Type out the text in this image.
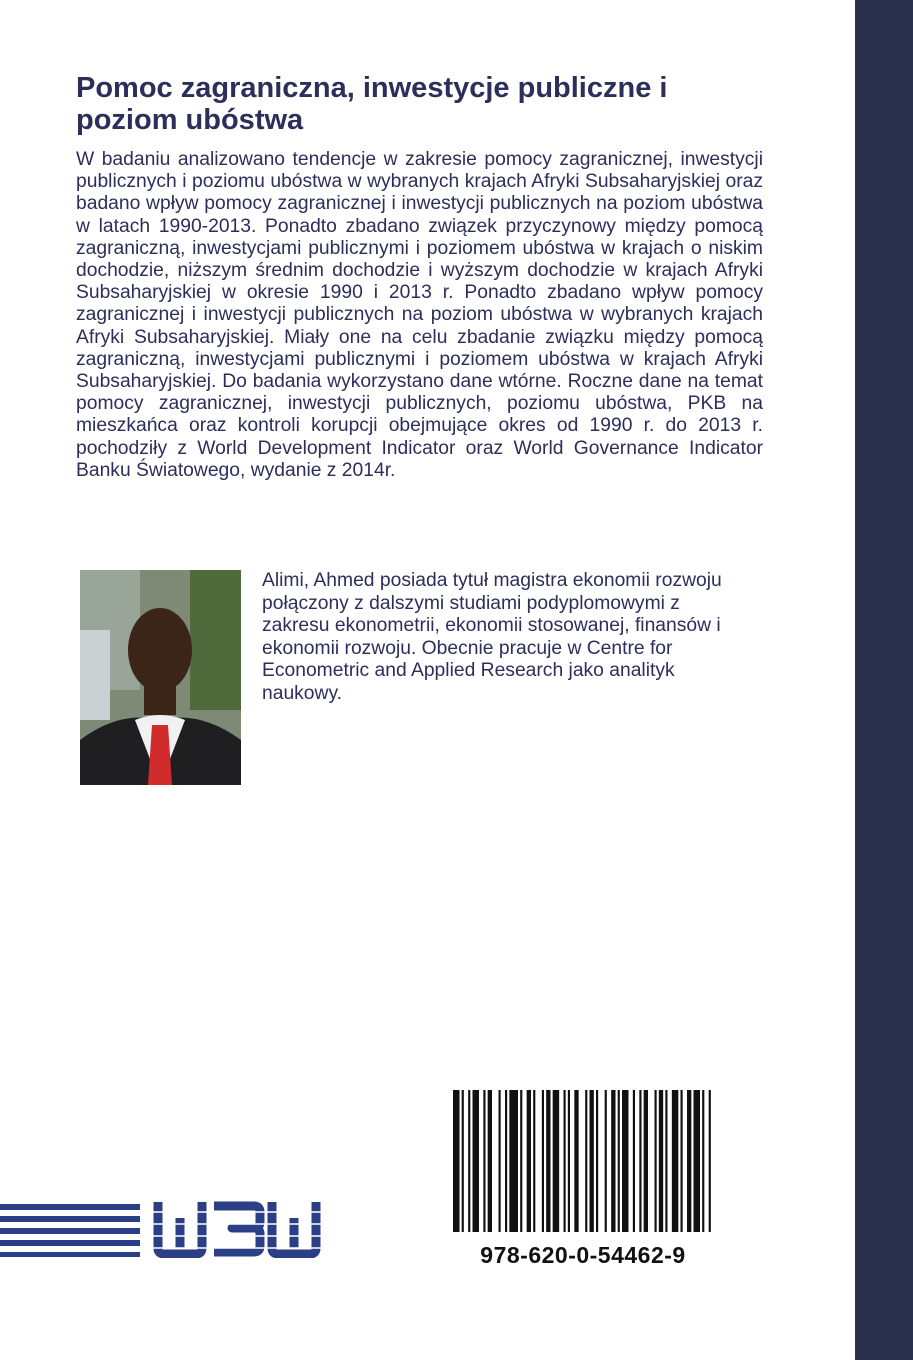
Pomoc zagraniczna, inwestycje publiczne i poziom ubóstwa

W badaniu analizowano tendencje w zakresie pomocy zagranicznej, inwestycji publicznych i poziomu ubóstwa w wybranych krajach Afryki Subsaharyjskiej oraz badano wpływ pomocy zagranicznej i inwestycji publicznych na poziom ubóstwa w latach 1990-2013. Ponadto zbadano związek przyczynowy między pomocą zagraniczną, inwestycjami publicznymi i poziomem ubóstwa w krajach o niskim dochodzie, niższym średnim dochodzie i wyższym dochodzie w krajach Afryki Subsaharyjskiej w okresie 1990 i 2013 r. Ponadto zbadano wpływ pomocy zagranicznej i inwestycji publicznych na poziom ubóstwa w wybranych krajach Afryki Subsaharyjskiej. Miały one na celu zbadanie związku między pomocą zagraniczną, inwestycjami publicznymi i poziomem ubóstwa w krajach Afryki Subsaharyjskiej. Do badania wykorzystano dane wtórne. Roczne dane na temat pomocy zagranicznej, inwestycji publicznych, poziomu ubóstwa, PKB na mieszkańca oraz kontroli korupcji obejmujące okres od 1990 r. do 2013 r. pochodziły z World Development Indicator oraz World Governance Indicator Banku Światowego, wydanie z 2014r.

Alimi, Ahmed posiada tytuł magistra ekonomii rozwoju połączony z dalszymi studiami podyplomowymi z zakresu ekonometrii, ekonomii stosowanej, finansów i ekonomii rozwoju. Obecnie pracuje w Centre for Econometric and Applied Research jako analityk naukowy.

978-620-0-54462-9
